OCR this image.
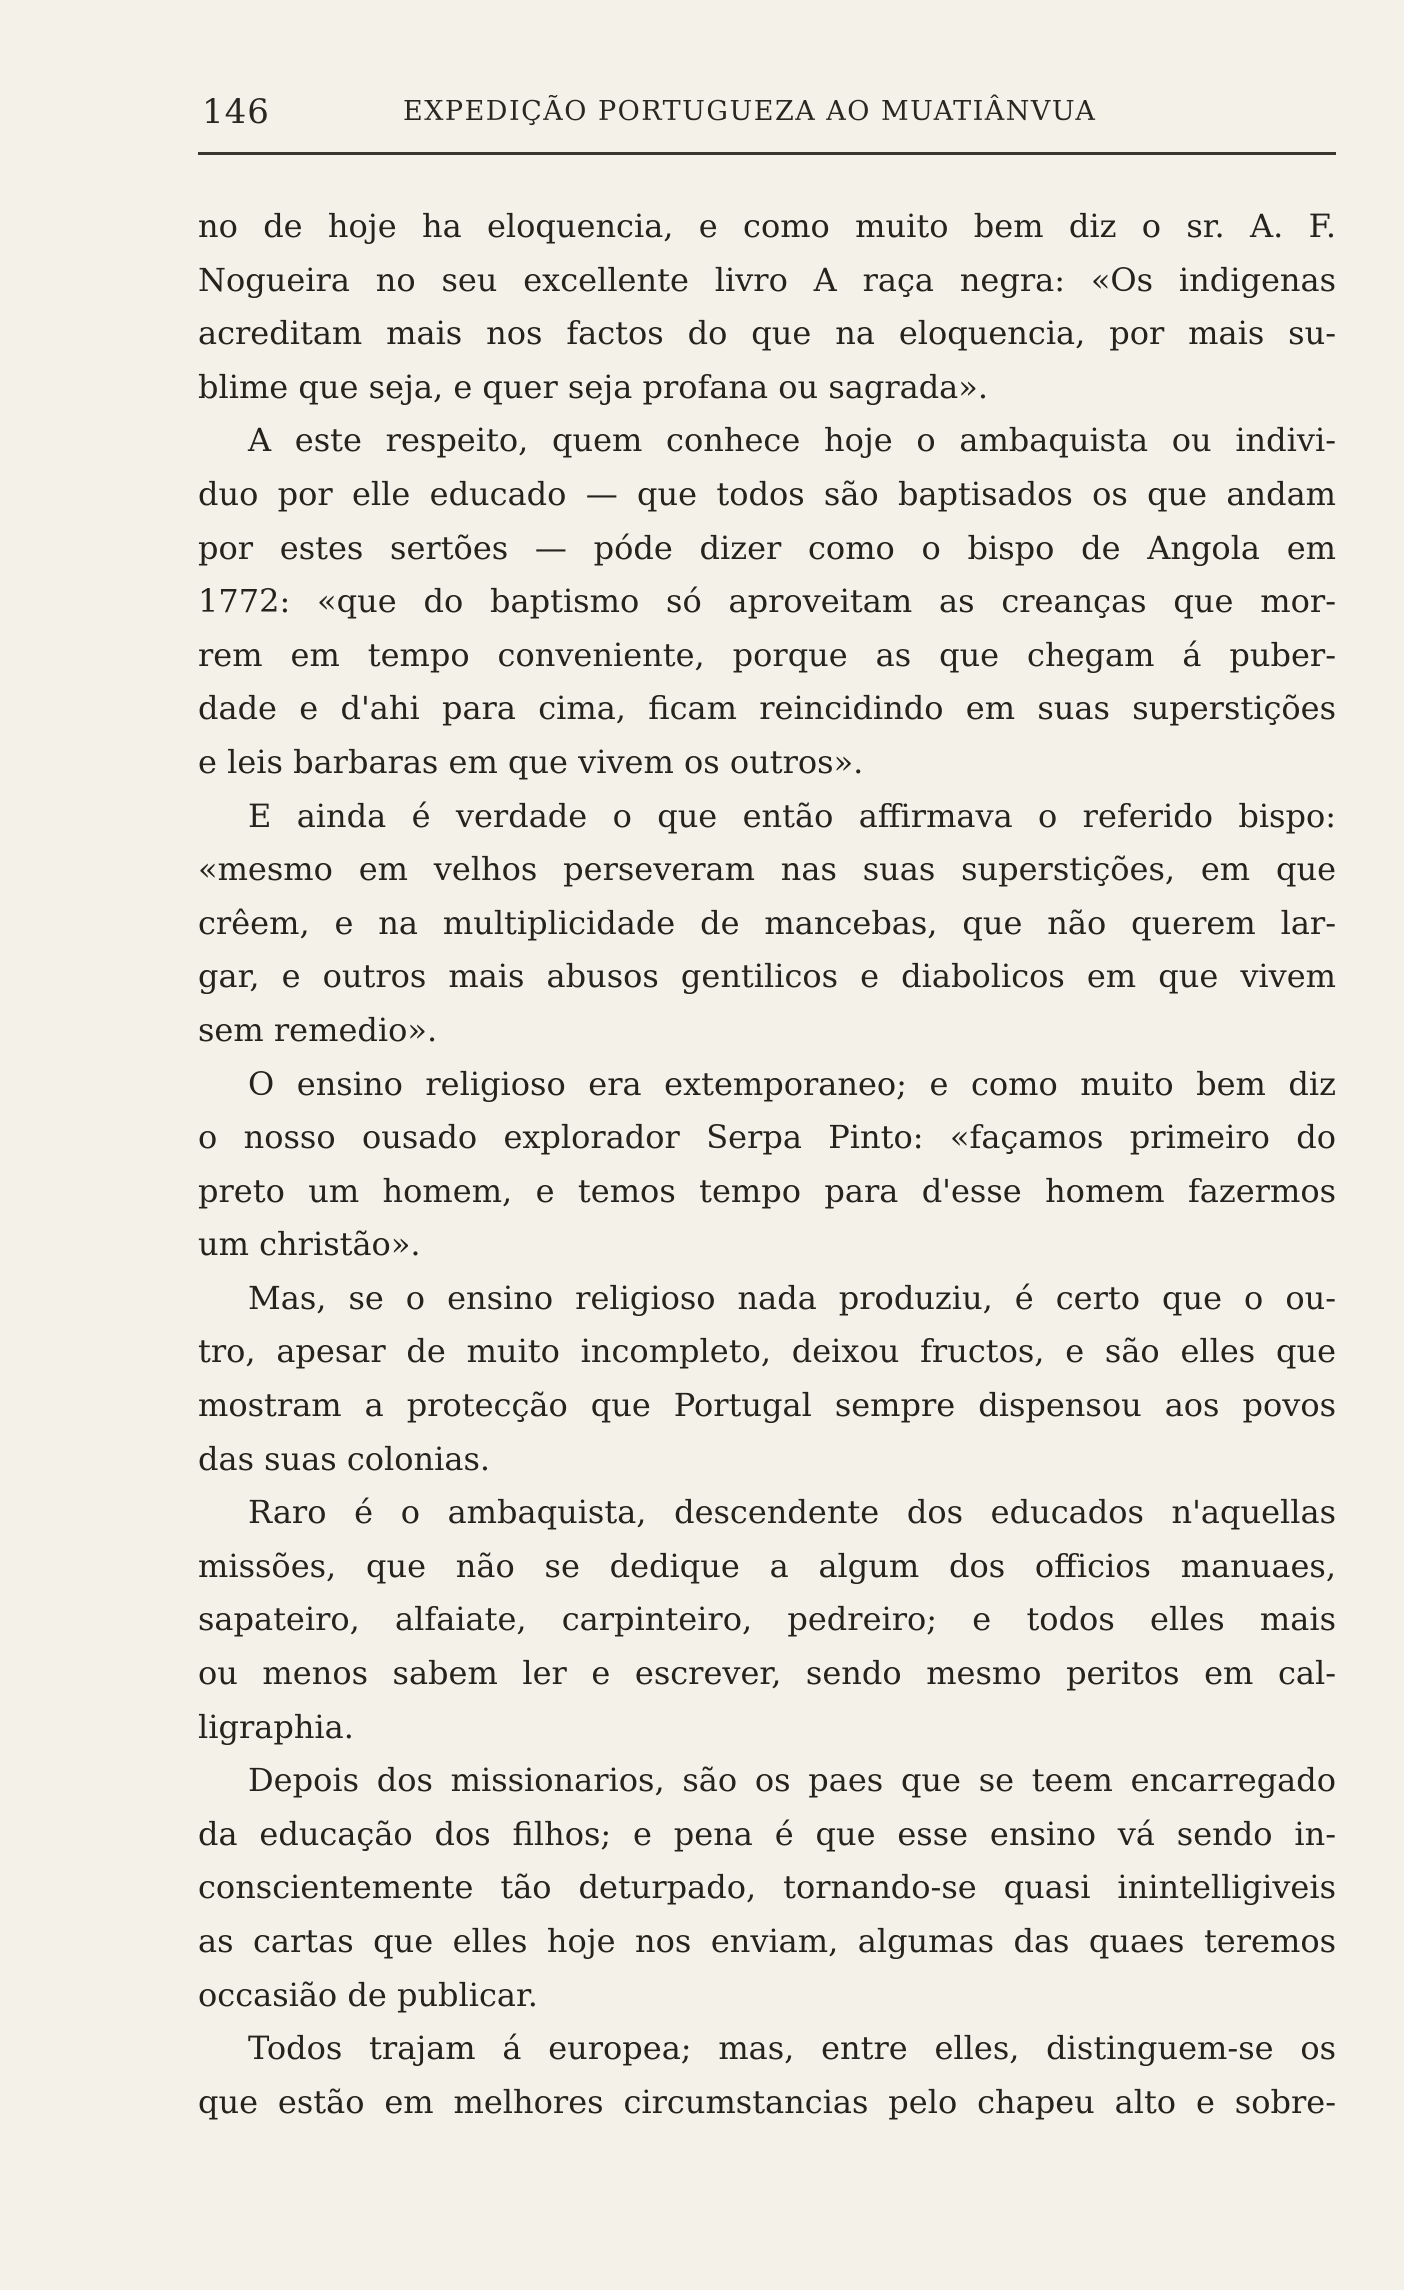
146	EXPEDIÇÃO PORTUGUEZA AO MUATIÂNVUA
no de hoje ha eloquencia, e como muito bem diz o sr. A. F.
Nogueira no seu excellente livro A raça negra: «Os indigenas
acreditam mais nos factos do que na eloquencia, por mais su-
blime que seja, e quer seja profana ou sagrada».
A este respeito, quem conhece hoje o ambaquista ou indivi-
duo por elle educado — que todos são baptisados os que andam
por estes sertões — póde dizer como o bispo de Angola em
1772: «que do baptismo só aproveitam as creanças que mor-
rem em tempo conveniente, porque as que chegam á puber-
dade e d'ahi para cima, ficam reincidindo em suas superstições
e leis barbaras em que vivem os outros».
E ainda é verdade o que então affirmava o referido bispo:
«mesmo em velhos perseveram nas suas superstições, em que
crêem, e na multiplicidade de mancebas, que não querem lar-
gar, e outros mais abusos gentilicos e diabolicos em que vivem
sem remedio».
O ensino religioso era extemporaneo; e como muito bem diz
o nosso ousado explorador Serpa Pinto: «façamos primeiro do
preto um homem, e temos tempo para d'esse homem fazermos
um christão».
Mas, se o ensino religioso nada produziu, é certo que o ou-
tro, apesar de muito incompleto, deixou fructos, e são elles que
mostram a protecção que Portugal sempre dispensou aos povos
das suas colonias.
Raro é o ambaquista, descendente dos educados n'aquellas
missões, que não se dedique a algum dos officios manuaes,
sapateiro, alfaiate, carpinteiro, pedreiro; e todos elles mais
ou menos sabem ler e escrever, sendo mesmo peritos em cal-
ligraphia.
Depois dos missionarios, são os paes que se teem encarregado
da educação dos filhos; e pena é que esse ensino vá sendo in-
conscientemente tão deturpado, tornando-se quasi inintelligiveis
as cartas que elles hoje nos enviam, algumas das quaes teremos
occasião de publicar.
Todos trajam á europea; mas, entre elles, distinguem-se os
que estão em melhores circumstancias pelo chapeu alto e sobre-
